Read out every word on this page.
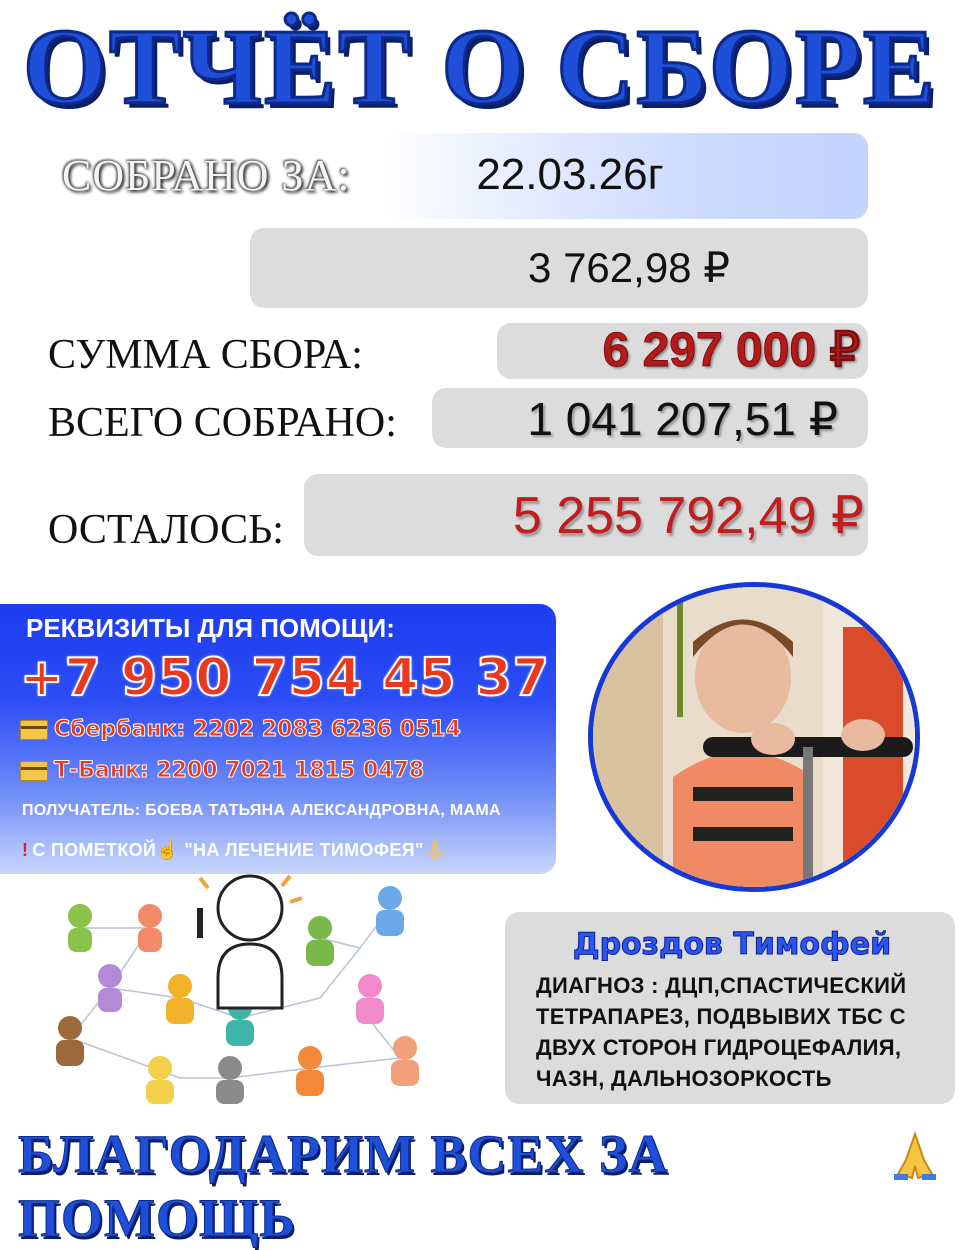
ОТЧЁТ О СБОРЕ
СОБРАНО ЗА:	22.03.26г
3 762,98 ₽
СУММА СБОРА:	6 297 000 ₽
ВСЕГО СОБРАНО:	1 041 207,51 ₽
ОСТАЛОСЬ:	5 255 792,49 ₽
РЕКВИЗИТЫ ДЛЯ ПОМОЩИ:
+7 950 754 45 37
Сбербанк: 2202 2083 6236 0514
Т-Банк: 2200 7021 1815 0478
ПОЛУЧАТЕЛЬ: БОЕВА ТАТЬЯНА АЛЕКСАНДРОВНА, МАМА
! С ПОМЕТКОЙ☝ "НА ЛЕЧЕНИЕ ТИМОФЕЯ"🙏︎
Дроздов Тимофей
ДИАГНОЗ : ДЦП,СПАСТИЧЕСКИЙ ТЕТРАПАРЕЗ, ПОДВЫВИХ ТБС С ДВУХ СТОРОН ГИДРОЦЕФАЛИЯ, ЧАЗН, ДАЛЬНОЗОРКОСТЬ
БЛАГОДАРИМ ВСЕХ ЗА ПОМОЩЬ
